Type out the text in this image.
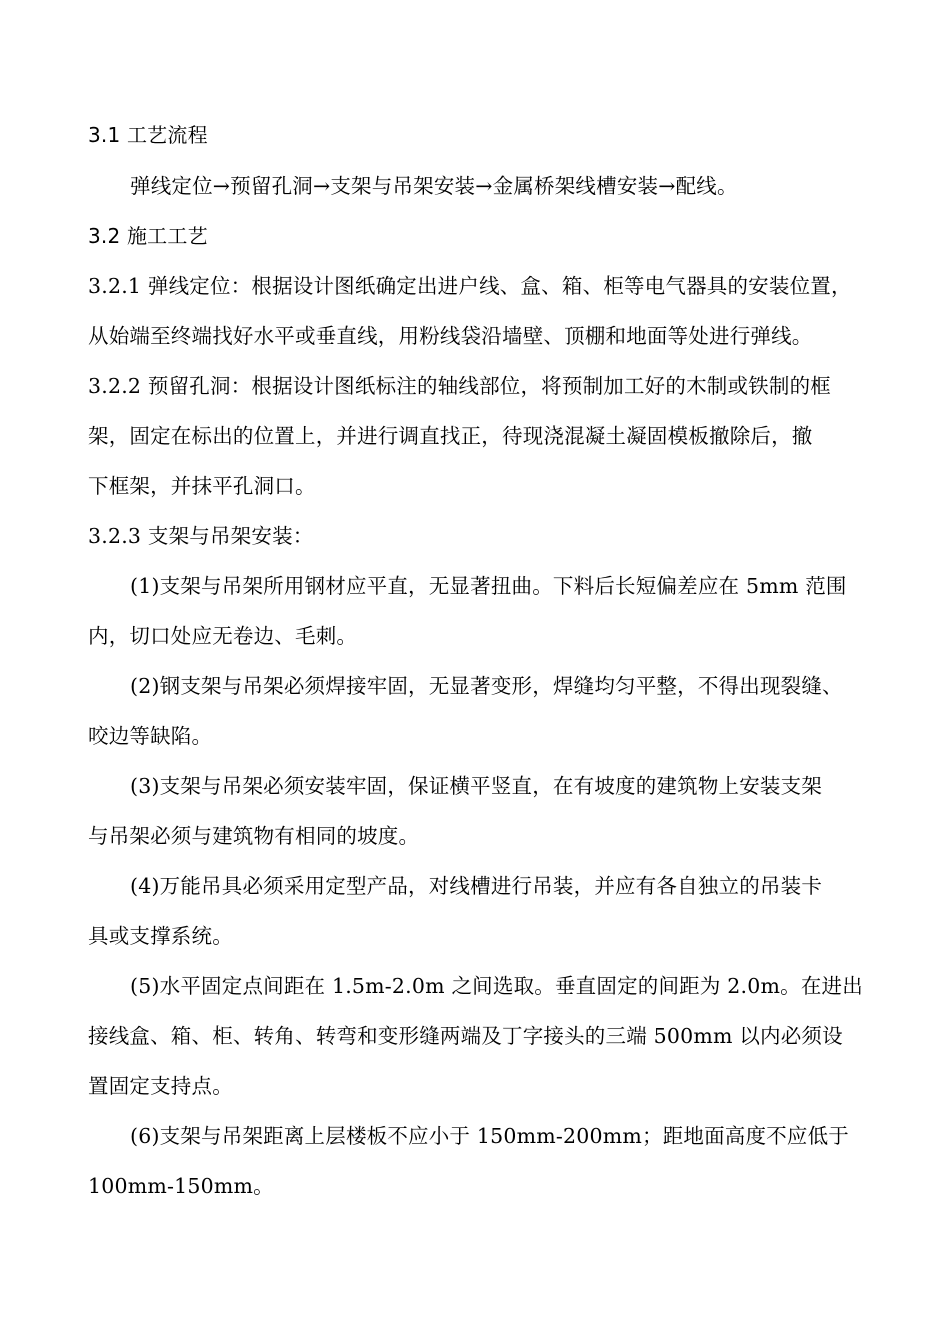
3.1 工艺流程
弹线定位→预留孔洞→支架与吊架安装→金属桥架线槽安装→配线。
3.2 施工工艺
3.2.1 弹线定位：根据设计图纸确定出进户线、盒、箱、柜等电气器具的安装位置，
从始端至终端找好水平或垂直线，用粉线袋沿墙壁、顶棚和地面等处进行弹线。
3.2.2 预留孔洞：根据设计图纸标注的轴线部位，将预制加工好的木制或铁制的框
架，固定在标出的位置上，并进行调直找正，待现浇混凝土凝固模板撤除后，撤
下框架，并抹平孔洞口。
3.2.3 支架与吊架安装：
(1)支架与吊架所用钢材应平直，无显著扭曲。下料后长短偏差应在 5mm 范围
内，切口处应无卷边、毛刺。
(2)钢支架与吊架必须焊接牢固，无显著变形，焊缝均匀平整，不得出现裂缝、
咬边等缺陷。
(3)支架与吊架必须安装牢固，保证横平竖直，在有坡度的建筑物上安装支架
与吊架必须与建筑物有相同的坡度。
(4)万能吊具必须采用定型产品，对线槽进行吊装，并应有各自独立的吊装卡
具或支撑系统。
(5)水平固定点间距在 1.5m-2.0m 之间选取。垂直固定的间距为 2.0m。在进出
接线盒、箱、柜、转角、转弯和变形缝两端及丁字接头的三端 500mm 以内必须设
置固定支持点。
(6)支架与吊架距离上层楼板不应小于 150mm-200mm；距地面高度不应低于
100mm-150mm。
